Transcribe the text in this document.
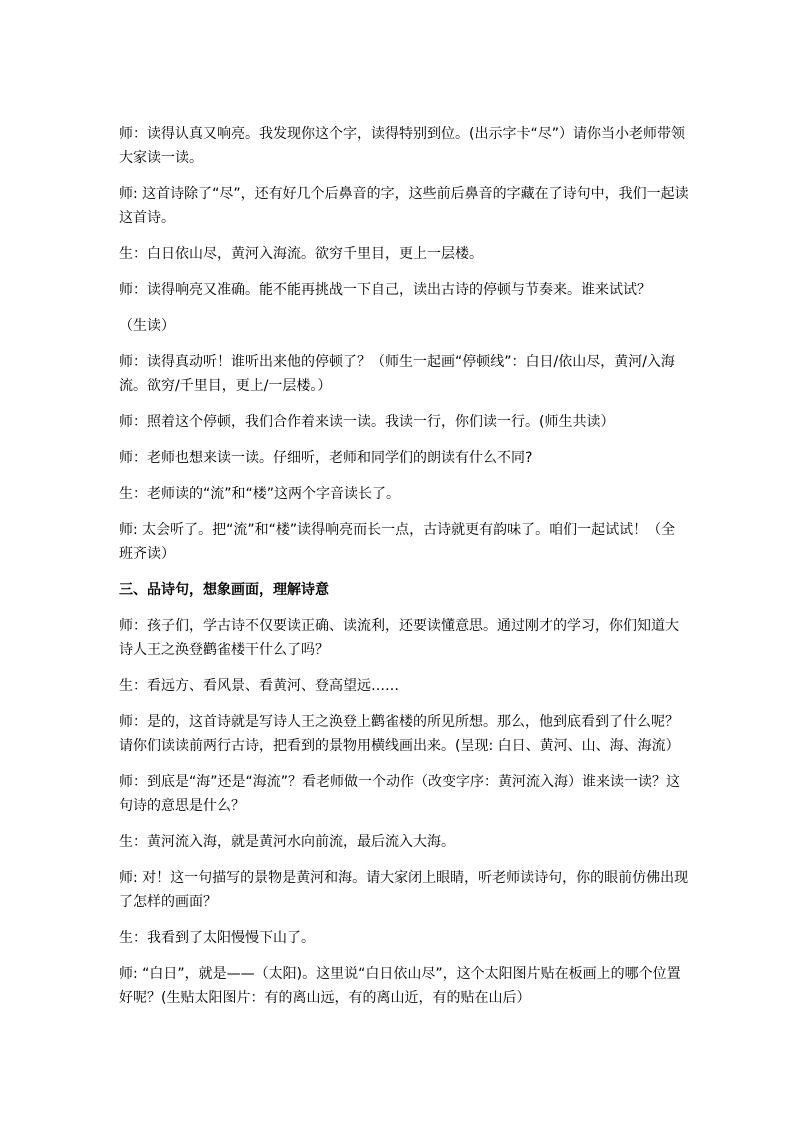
师：读得认真又响亮。我发现你这个字，读得特别到位。(出示字卡“尽”）请你当小老师带领大家读一读。

师: 这首诗除了“尽”，还有好几个后鼻音的字，这些前后鼻音的字藏在了诗句中，我们一起读这首诗。

生：白日依山尽，黄河入海流。欲穷千里目，更上一层楼。

师：读得响亮又准确。能不能再挑战一下自己，读出古诗的停顿与节奏来。谁来试试？

（生读）

师：读得真动听！谁听出来他的停顿了？（师生一起画“停顿线”：白日/依山尽，黄河/入海流。欲穷/千里目，更上/一层楼。）

师：照着这个停顿，我们合作着来读一读。我读一行，你们读一行。(师生共读）

师：老师也想来读一读。仔细听，老师和同学们的朗读有什么不同?

生：老师读的“流”和“楼”这两个字音读长了。

师: 太会听了。把“流”和“楼”读得响亮而长一点，古诗就更有韵味了。咱们一起试试！（全班齐读）

三、品诗句，想象画面，理解诗意

师：孩子们，学古诗不仅要读正确、读流利，还要读懂意思。通过刚才的学习，你们知道大诗人王之涣登鹳雀楼干什么了吗？

生：看远方、看风景、看黄河、登高望远……

师：是的，这首诗就是写诗人王之涣登上鹳雀楼的所见所想。那么，他到底看到了什么呢？请你们读读前两行古诗，把看到的景物用横线画出来。(呈现: 白日、黄河、山、海、海流）

师：到底是“海”还是“海流”？看老师做一个动作（改变字序：黄河流入海）谁来读一读？这句诗的意思是什么？

生：黄河流入海，就是黄河水向前流，最后流入大海。

师: 对！这一句描写的景物是黄河和海。请大家闭上眼睛，听老师读诗句，你的眼前仿佛出现了怎样的画面？

生：我看到了太阳慢慢下山了。

师: “白日”，就是——（太阳)。这里说“白日依山尽”，这个太阳图片贴在板画上的哪个位置好呢？(生贴太阳图片：有的离山远，有的离山近，有的贴在山后）
